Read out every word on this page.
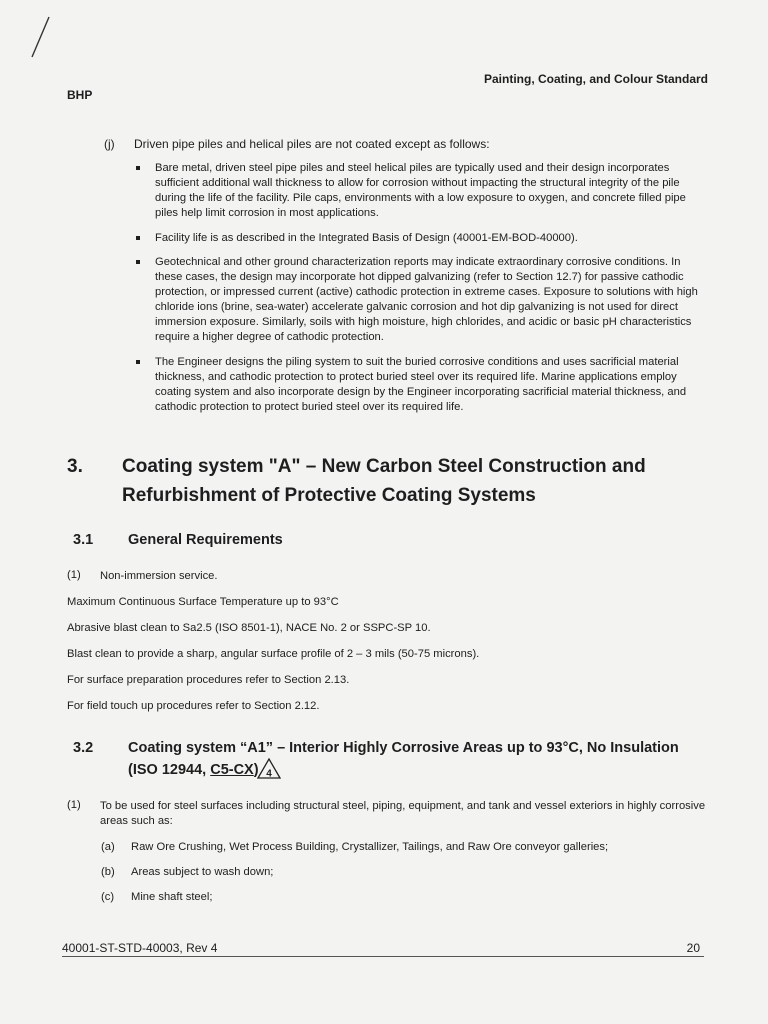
Painting, Coating, and Colour Standard
BHP
(j) Driven pipe piles and helical piles are not coated except as follows:
Bare metal, driven steel pipe piles and steel helical piles are typically used and their design incorporates sufficient additional wall thickness to allow for corrosion without impacting the structural integrity of the pile during the life of the facility. Pile caps, environments with a low exposure to oxygen, and concrete filled pipe piles help limit corrosion in most applications.
Facility life is as described in the Integrated Basis of Design (40001-EM-BOD-40000).
Geotechnical and other ground characterization reports may indicate extraordinary corrosive conditions. In these cases, the design may incorporate hot dipped galvanizing (refer to Section 12.7) for passive cathodic protection, or impressed current (active) cathodic protection in extreme cases. Exposure to solutions with high chloride ions (brine, sea-water) accelerate galvanic corrosion and hot dip galvanizing is not used for direct immersion exposure. Similarly, soils with high moisture, high chlorides, and acidic or basic pH characteristics require a higher degree of cathodic protection.
The Engineer designs the piling system to suit the buried corrosive conditions and uses sacrificial material thickness, and cathodic protection to protect buried steel over its required life. Marine applications employ coating system and also incorporate design by the Engineer incorporating sacrificial material thickness, and cathodic protection to protect buried steel over its required life.
3. Coating system "A" – New Carbon Steel Construction and Refurbishment of Protective Coating Systems
3.1 General Requirements
(1) Non-immersion service.
Maximum Continuous Surface Temperature up to 93°C
Abrasive blast clean to Sa2.5 (ISO 8501-1), NACE No. 2 or SSPC-SP 10.
Blast clean to provide a sharp, angular surface profile of 2 – 3 mils (50-75 microns).
For surface preparation procedures refer to Section 2.13.
For field touch up procedures refer to Section 2.12.
3.2 Coating system “A1” – Interior Highly Corrosive Areas up to 93°C, No Insulation (ISO 12944, C5-CX) 4
(1) To be used for steel surfaces including structural steel, piping, equipment, and tank and vessel exteriors in highly corrosive areas such as:
(a) Raw Ore Crushing, Wet Process Building, Crystallizer, Tailings, and Raw Ore conveyor galleries;
(b) Areas subject to wash down;
(c) Mine shaft steel;
40001-ST-STD-40003, Rev 4	20
